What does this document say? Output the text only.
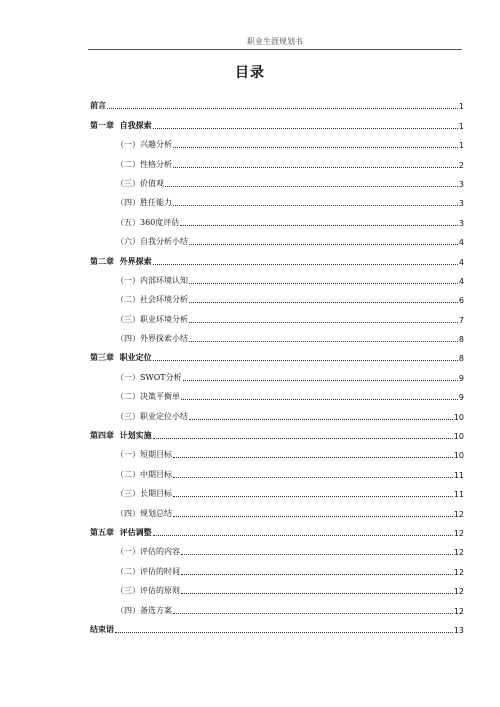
职业生涯规划书
目录
前言	1
第一章  自我探索	1
（一）兴趣分析	1
（二）性格分析	2
（三）价值观	3
（四）胜任能力	3
（五）360度评估	3
（六）自我分析小结	4
第二章  外界探索	4
（一）内部环境认知	4
（二）社会环境分析	6
（三）职业环境分析	7
（四）外界探索小结	8
第三章  职业定位	8
（一）SWOT分析	9
（二）决策平衡单	9
（三）职业定位小结	10
第四章  计划实施	10
（一）短期目标	10
（二）中期目标	11
（三）长期目标	11
（四）规划总结	12
第五章  评估调整	12
（一）评估的内容	12
（二）评估的时间	12
（三）评估的原则	12
（四）备选方案	12
结束语	13
